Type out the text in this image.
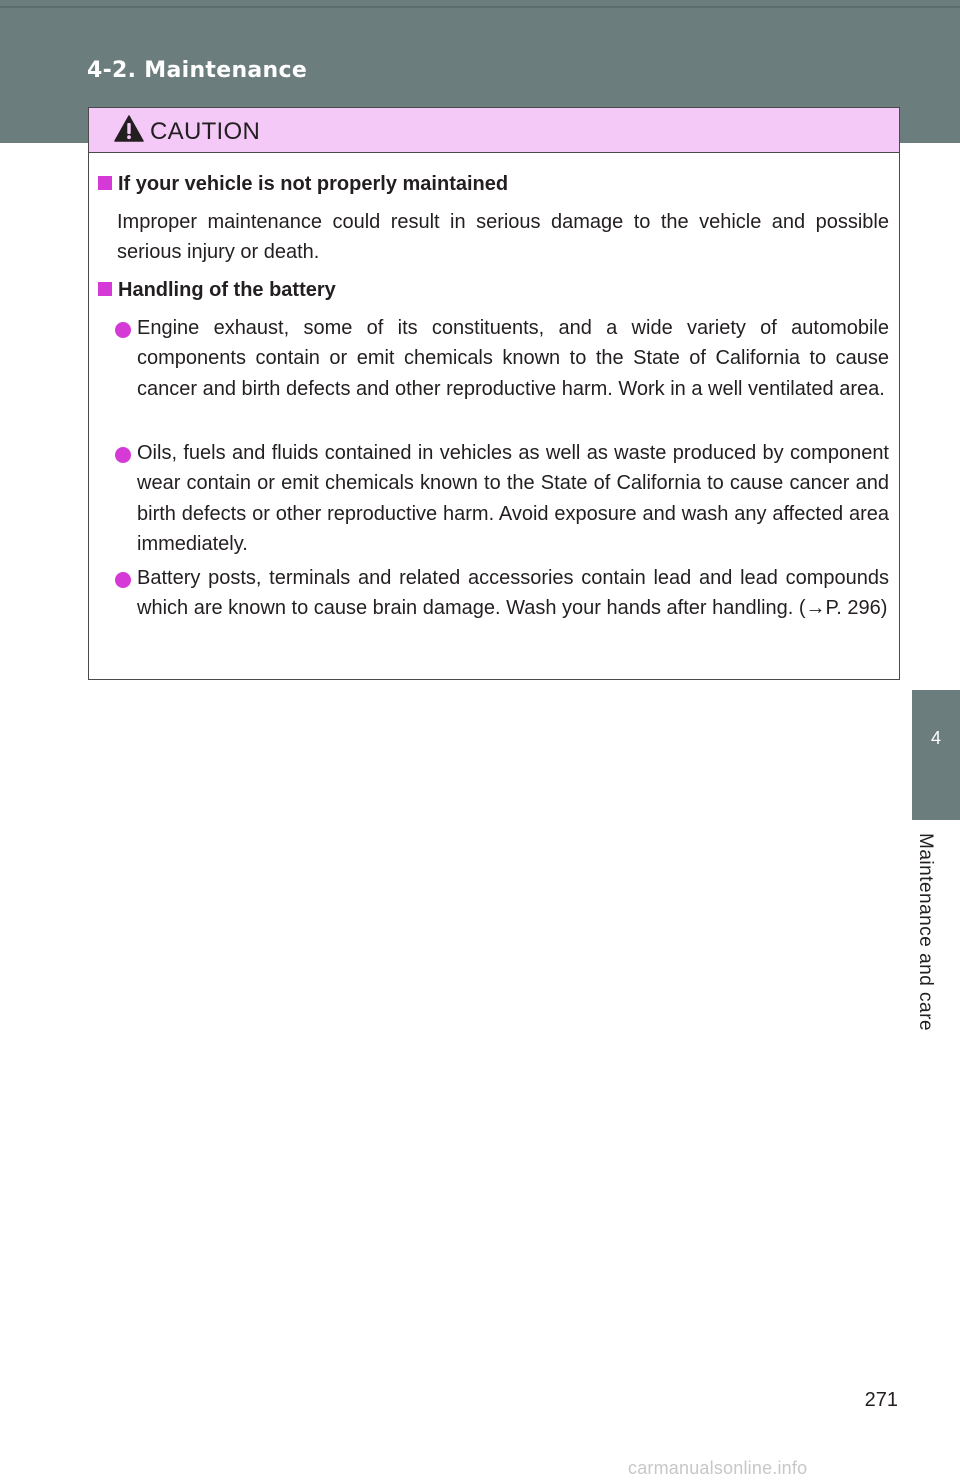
4-2. Maintenance
CAUTION
If your vehicle is not properly maintained
Improper maintenance could result in serious damage to the vehicle and possible serious injury or death.
Handling of the battery
Engine exhaust, some of its constituents, and a wide variety of automobile components contain or emit chemicals known to the State of California to cause cancer and birth defects and other reproductive harm. Work in a well ventilated area.
Oils, fuels and fluids contained in vehicles as well as waste produced by component wear contain or emit chemicals known to the State of California to cause cancer and birth defects or other reproductive harm. Avoid exposure and wash any affected area immediately.
Battery posts, terminals and related accessories contain lead and lead compounds which are known to cause brain damage. Wash your hands after handling. (→P. 296)
4
Maintenance and care
271
carmanualsonline.info
